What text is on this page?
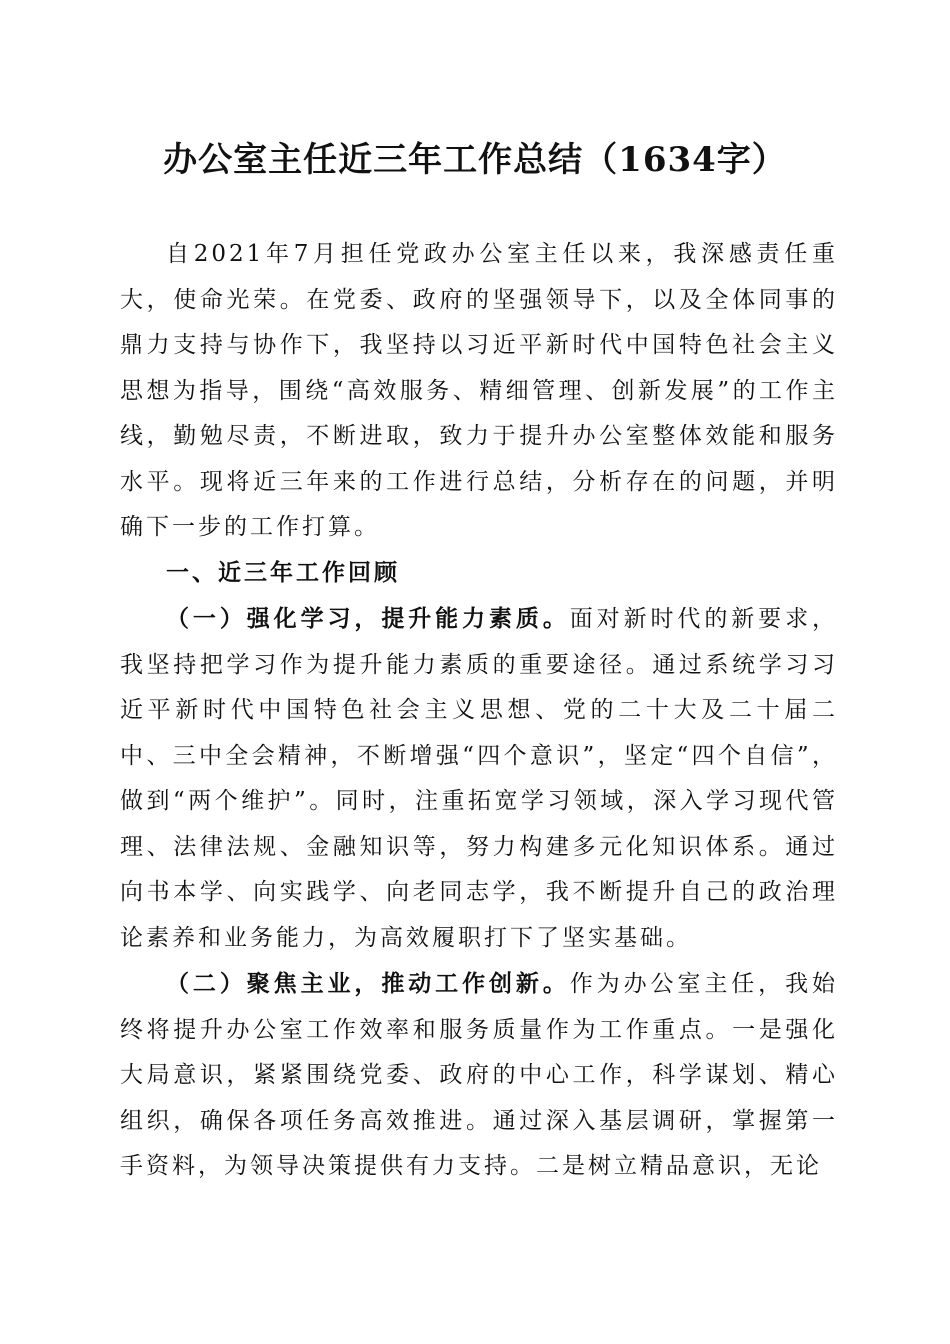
办公室主任近三年工作总结（1634字）

自2021年7月担任党政办公室主任以来，我深感责任重大，使命光荣。在党委、政府的坚强领导下，以及全体同事的鼎力支持与协作下，我坚持以习近平新时代中国特色社会主义思想为指导，围绕“高效服务、精细管理、创新发展”的工作主线，勤勉尽责，不断进取，致力于提升办公室整体效能和服务水平。现将近三年来的工作进行总结，分析存在的问题，并明确下一步的工作打算。

一、近三年工作回顾

（一）强化学习，提升能力素质。面对新时代的新要求，我坚持把学习作为提升能力素质的重要途径。通过系统学习习近平新时代中国特色社会主义思想、党的二十大及二十届二中、三中全会精神，不断增强“四个意识”，坚定“四个自信”，做到“两个维护”。同时，注重拓宽学习领域，深入学习现代管理、法律法规、金融知识等，努力构建多元化知识体系。通过向书本学、向实践学、向老同志学，我不断提升自己的政治理论素养和业务能力，为高效履职打下了坚实基础。

（二）聚焦主业，推动工作创新。作为办公室主任，我始终将提升办公室工作效率和服务质量作为工作重点。一是强化大局意识，紧紧围绕党委、政府的中心工作，科学谋划、精心组织，确保各项任务高效推进。通过深入基层调研，掌握第一手资料，为领导决策提供有力支持。二是树立精品意识，无论
